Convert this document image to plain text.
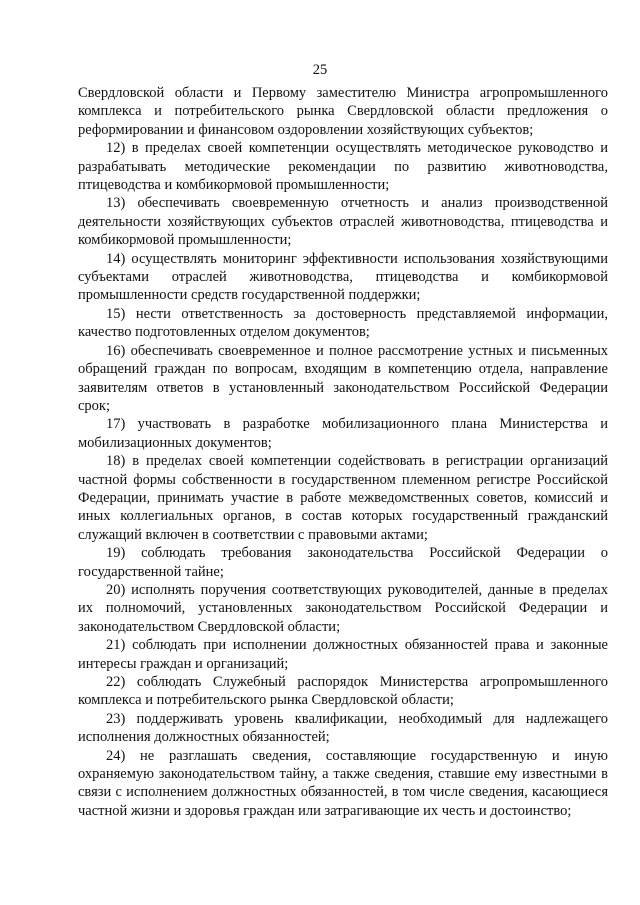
25

Свердловской области и Первому заместителю Министра агропромышленного комплекса и потребительского рынка Свердловской области предложения о реформировании и финансовом оздоровлении хозяйствующих субъектов;

12) в пределах своей компетенции осуществлять методическое руководство и разрабатывать методические рекомендации по развитию животноводства, птицеводства и комбикормовой промышленности;

13) обеспечивать своевременную отчетность и анализ производственной деятельности хозяйствующих субъектов отраслей животноводства, птицеводства и комбикормовой промышленности;

14) осуществлять мониторинг эффективности использования хозяйствующими субъектами отраслей животноводства, птицеводства и комбикормовой промышленности средств государственной поддержки;

15) нести ответственность за достоверность представляемой информации, качество подготовленных отделом документов;

16) обеспечивать своевременное и полное рассмотрение устных и письменных обращений граждан по вопросам, входящим в компетенцию отдела, направление заявителям ответов в установленный законодательством Российской Федерации срок;

17) участвовать в разработке мобилизационного плана Министерства и мобилизационных документов;

18) в пределах своей компетенции содействовать в регистрации организаций частной формы собственности в государственном племенном регистре Российской Федерации, принимать участие в работе межведомственных советов, комиссий и иных коллегиальных органов, в состав которых государственный гражданский служащий включен в соответствии с правовыми актами;

19) соблюдать требования законодательства Российской Федерации о государственной тайне;

20) исполнять поручения соответствующих руководителей, данные в пределах их полномочий, установленных законодательством Российской Федерации и законодательством Свердловской области;

21) соблюдать при исполнении должностных обязанностей права и законные интересы граждан и организаций;

22) соблюдать Служебный распорядок Министерства агропромышленного комплекса и потребительского рынка Свердловской области;

23) поддерживать уровень квалификации, необходимый для надлежащего исполнения должностных обязанностей;

24) не разглашать сведения, составляющие государственную и иную охраняемую законодательством тайну, а также сведения, ставшие ему известными в связи с исполнением должностных обязанностей, в том числе сведения, касающиеся частной жизни и здоровья граждан или затрагивающие их честь и достоинство;
